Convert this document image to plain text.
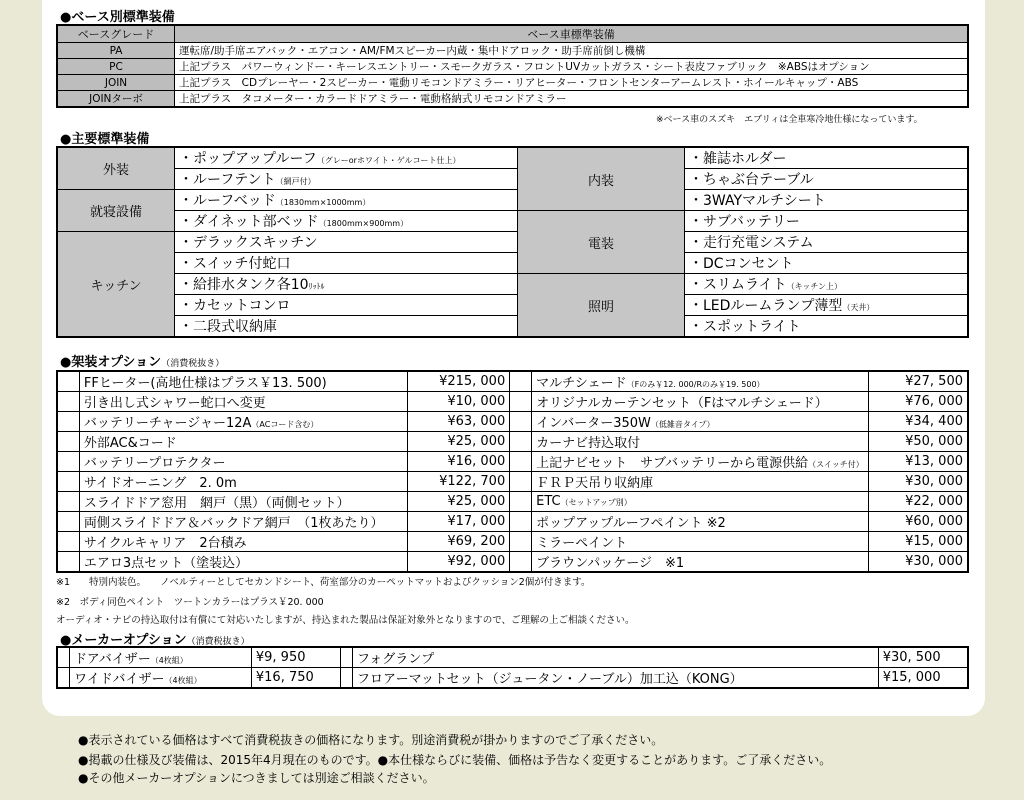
●ベース別標準装備
ベースグレード	ベース車標準装備
PA	運転席/助手席エアバック・エアコン・AM/FMスピーカー内蔵・集中ドアロック・助手席前倒し機構
PC	上記プラス　パワーウィンドー・キーレスエントリー・スモークガラス・フロントUVカットガラス・シート表皮ファブリック　※ABSはオプション
JOIN	上記プラス　CDプレーヤー・2スピーカー・電動リモコンドアミラー・リアヒーター・フロントセンターアームレスト・ホイールキャップ・ABS
JOINターボ	上記プラス　タコメーター・カラードドアミラー・電動格納式リモコンドアミラー
※ベース車のスズキ　エブリィは全車寒冷地仕様になっています。
●主要標準装備
外装	・ポップアップルーフ（グレーorホワイト・ゲルコート仕上）	内装	・雑誌ホルダー
	・ルーフテント（網戸付）		・ちゃぶ台テーブル
就寝設備	・ルーフベッド（1830mm×1000mm）		・3WAYマルチシート
	・ダイネット部ベッド（1800mm×900mm）	電装	・サブバッテリー
キッチン	・デラックスキッチン		・走行充電システム
	・スイッチ付蛇口		・DCコンセント
	・給排水タンク各10ﾘｯﾄﾙ	照明	・スリムライト（キッチン上）
	・カセットコンロ		・LEDルームランプ薄型（天井）
	・二段式収納庫		・スポットライト
●架装オプション（消費税抜き）
	FFヒーター(高地仕様はプラス￥13. 500)	¥215, 000		マルチシェード（Fのみ￥12. 000/Rのみ￥19. 500）	¥27, 500
	引き出し式シャワー蛇口へ変更	¥10, 000		オリジナルカーテンセット（Fはマルチシェード）	¥76, 000
	バッテリーチャージャー12A（ACコード含む）	¥63, 000		インバーター350W（低雑音タイプ）	¥34, 400
	外部AC&コード	¥25, 000		カーナビ持込取付	¥50, 000
	バッテリープロテクター	¥16, 000		上記ナビセット　サブバッテリーから電源供給（スイッチ付）	¥13, 000
	サイドオーニング　2. 0m	¥122, 700		ＦＲＰ天吊り収納庫	¥30, 000
	スライドドア窓用　網戸（黒）（両側セット）	¥25, 000		ETC（セットアップ別）	¥22, 000
	両側スライドドア＆バックドア網戸　（1枚あたり）	¥17, 000		ポップアップルーフペイント ※2	¥60, 000
	サイクルキャリア　2台積み	¥69, 200		ミラーペイント	¥15, 000
	エアロ3点セット（塗装込）	¥92, 000		ブラウンパッケージ　※1	¥30, 000
※1　　特別内装色。　　ノベルティーとしてセカンドシート、荷室部分のカーペットマットおよびクッション2個が付きます。
※2　ボディ同色ペイント　ツートンカラーはプラス￥20. 000
オーディオ・ナビの持込取付は有償にて対応いたしますが、持込まれた製品は保証対象外となりますので、ご理解の上ご相談ください。
●メーカーオプション（消費税抜き）
	ドアバイザー（4枚組）	¥9, 950		フォグランプ	¥30, 500
	ワイドバイザー（4枚組）	¥16, 750		フロアーマットセット（ジュータン・ノーブル）加工込（KONG）	¥15, 000
●表示されている価格はすべて消費税抜きの価格になります。別途消費税が掛かりますのでご了承ください。
●掲載の仕様及び装備は、2015年4月現在のものです。●本仕様ならびに装備、価格は予告なく変更することがあります。ご了承ください。
●その他メーカーオプションにつきましては別途ご相談ください。
